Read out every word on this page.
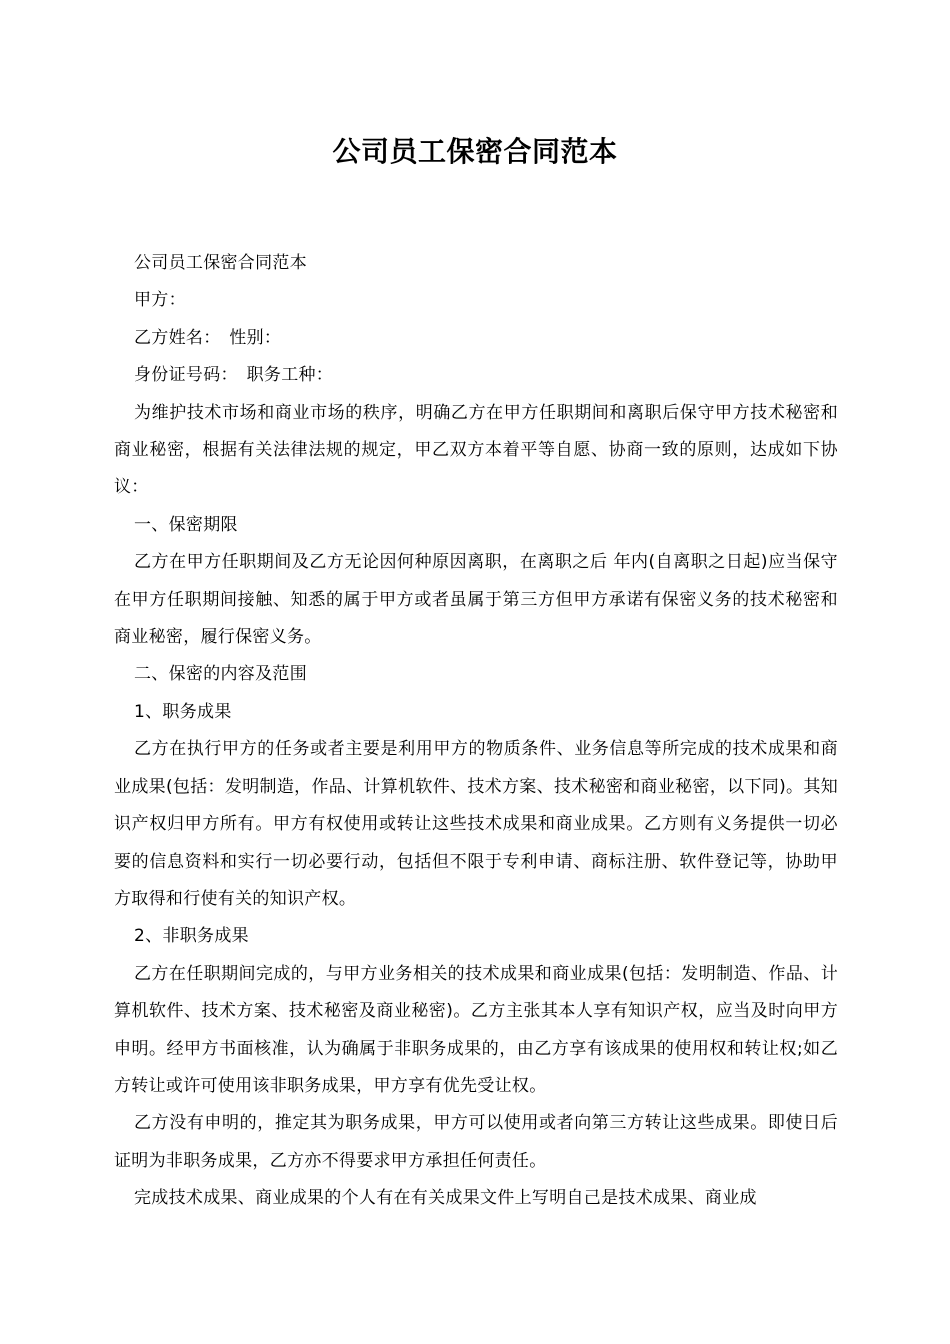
公司员工保密合同范本

公司员工保密合同范本

甲方：

乙方姓名：　性别：

身份证号码：　职务工种：

为维护技术市场和商业市场的秩序，明确乙方在甲方任职期间和离职后保守甲方技术秘密和商业秘密，根据有关法律法规的规定，甲乙双方本着平等自愿、协商一致的原则，达成如下协议：

一、保密期限

乙方在甲方任职期间及乙方无论因何种原因离职，在离职之后 年内(自离职之日起)应当保守在甲方任职期间接触、知悉的属于甲方或者虽属于第三方但甲方承诺有保密义务的技术秘密和商业秘密，履行保密义务。

二、保密的内容及范围

1、职务成果

乙方在执行甲方的任务或者主要是利用甲方的物质条件、业务信息等所完成的技术成果和商业成果(包括：发明制造，作品、计算机软件、技术方案、技术秘密和商业秘密，以下同)。其知识产权归甲方所有。甲方有权使用或转让这些技术成果和商业成果。乙方则有义务提供一切必要的信息资料和实行一切必要行动，包括但不限于专利申请、商标注册、软件登记等，协助甲方取得和行使有关的知识产权。

2、非职务成果

乙方在任职期间完成的，与甲方业务相关的技术成果和商业成果(包括：发明制造、作品、计算机软件、技术方案、技术秘密及商业秘密)。乙方主张其本人享有知识产权，应当及时向甲方申明。经甲方书面核准，认为确属于非职务成果的，由乙方享有该成果的使用权和转让权;如乙方转让或许可使用该非职务成果，甲方享有优先受让权。

乙方没有申明的，推定其为职务成果，甲方可以使用或者向第三方转让这些成果。即使日后证明为非职务成果，乙方亦不得要求甲方承担任何责任。

完成技术成果、商业成果的个人有在有关成果文件上写明自己是技术成果、商业成
